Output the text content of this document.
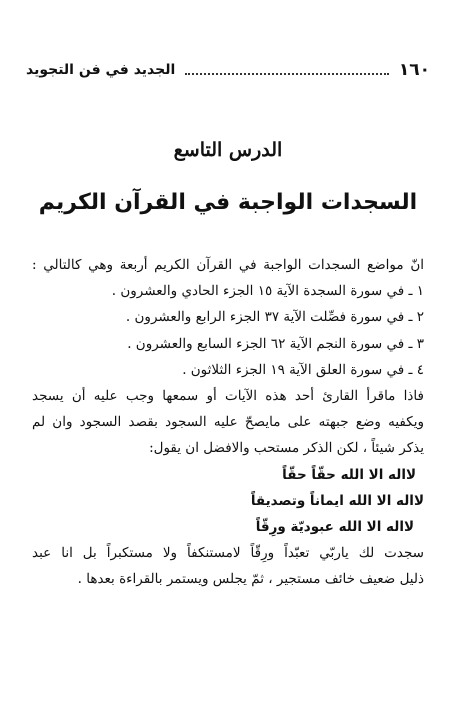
١٦٠
الجديد في فن التجويد
الدرس التاسع
السجدات الواجبة في القرآن الكريم
انّ مواضع السجدات الواجبة في القرآن الكريم أربعة وهي كالتالي :
١ ـ في سورة السجدة الآية ١٥ الجزء الحادي والعشرون .
٢ ـ في سورة فصِّلت الآية ٣٧ الجزء الرابع والعشرون .
٣ ـ في سورة النجم الآية ٦٢ الجزء السابع والعشرون .
٤ ـ في سورة العلق الآية ١٩ الجزء الثلاثون .
فاذا ماقرأ القارئ أحد هذه الآيات أو سمعها وجب عليه أن يسجد
ويكفيه وضع جبهته على مايصحّ عليه السجود بقصد السجود وان لم
يذكر شيئاً ، لكن الذكر مستحب والافضل ان يقول:
لااله الا الله حقّاً حقّاً
لااله الا الله ايماناً وتصديقاً
لااله الا الله عبوديّة ورِقّاً
سجدت لك ياربّي تعبّداً ورِقّاً لامستنكفاً ولا مستكبراً بل انا عبد
ذليل ضعيف خائف مستجير ، ثمّ يجلس ويستمر بالقراءة بعدها .
